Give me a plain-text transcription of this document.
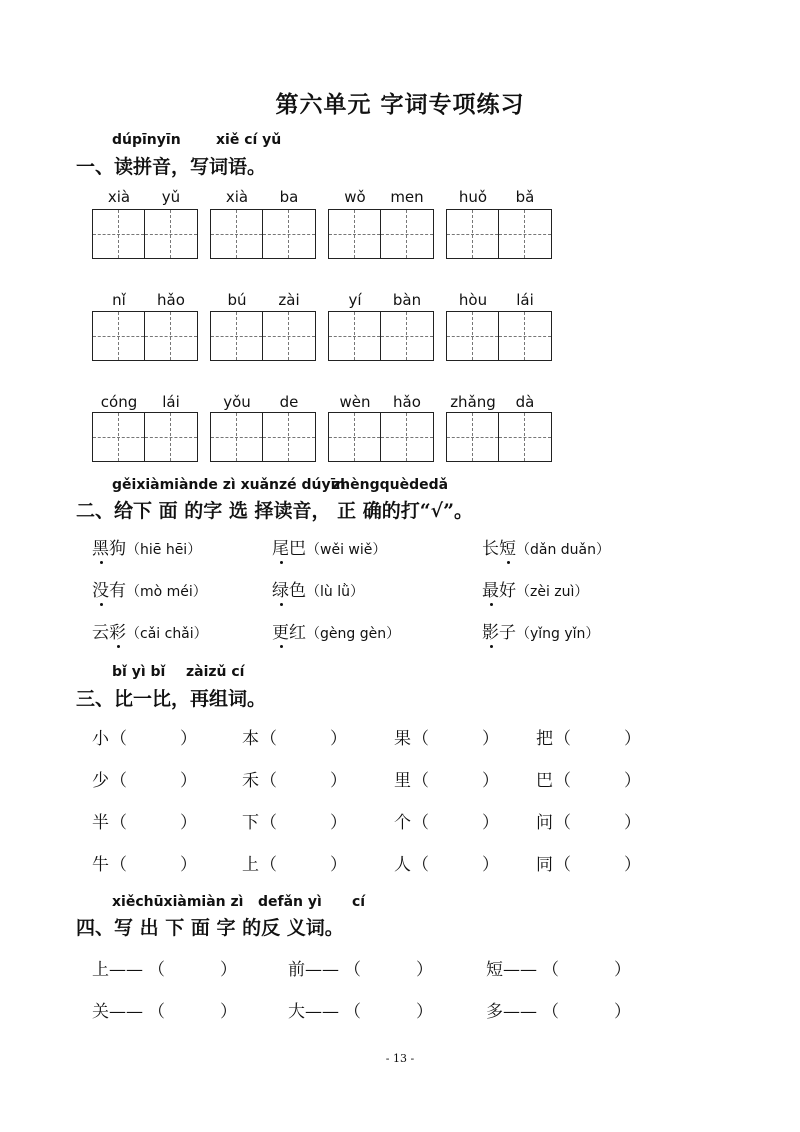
第六单元 字词专项练习
dúpīnyīn	xiě cí yǔ
一、读拼音，写词语。
xià	yǔ	xià	ba	wǒ	men	huǒ	bǎ
nǐ	hǎo	bú	zài	yí	bàn	hòu	lái
cóng	lái	yǒu	de	wèn	hǎo	zhǎng	dà
gěixiàmiànde zì xuǎnzé dúyīn
zhèngquèdedǎ
二、给下 面 的字 选 择读音， 正 确的打“√”。
黑狗（hiē hēi）	尾巴（wěi wiě）	长短（dǎn duǎn）
没有（mò méi）	绿色（lù lǜ）	最好（zèi zuì）
云彩（cǎi chǎi）	更红（gèng gèn）	影子（yǐng yǐn）
bǐ yì bǐ zàizǔ cí
三、比一比，再组词。
小 （	）	本 （	）	果 （	） 把 （	）
少 （	）	禾 （	）	里 （	） 巴 （	）
半 （	）	下 （	）	个 （	） 问 （	）
牛 （	）	上 （	）	人 （	） 同 （	）
xiěchūxiàmiàn zì defǎn yì cí
四、写 出 下 面 字 的反 义词。
上—— （	）	前—— （	）	短—— （	）
关—— （	）	大—— （	）	多—— （	）
- 13 -
